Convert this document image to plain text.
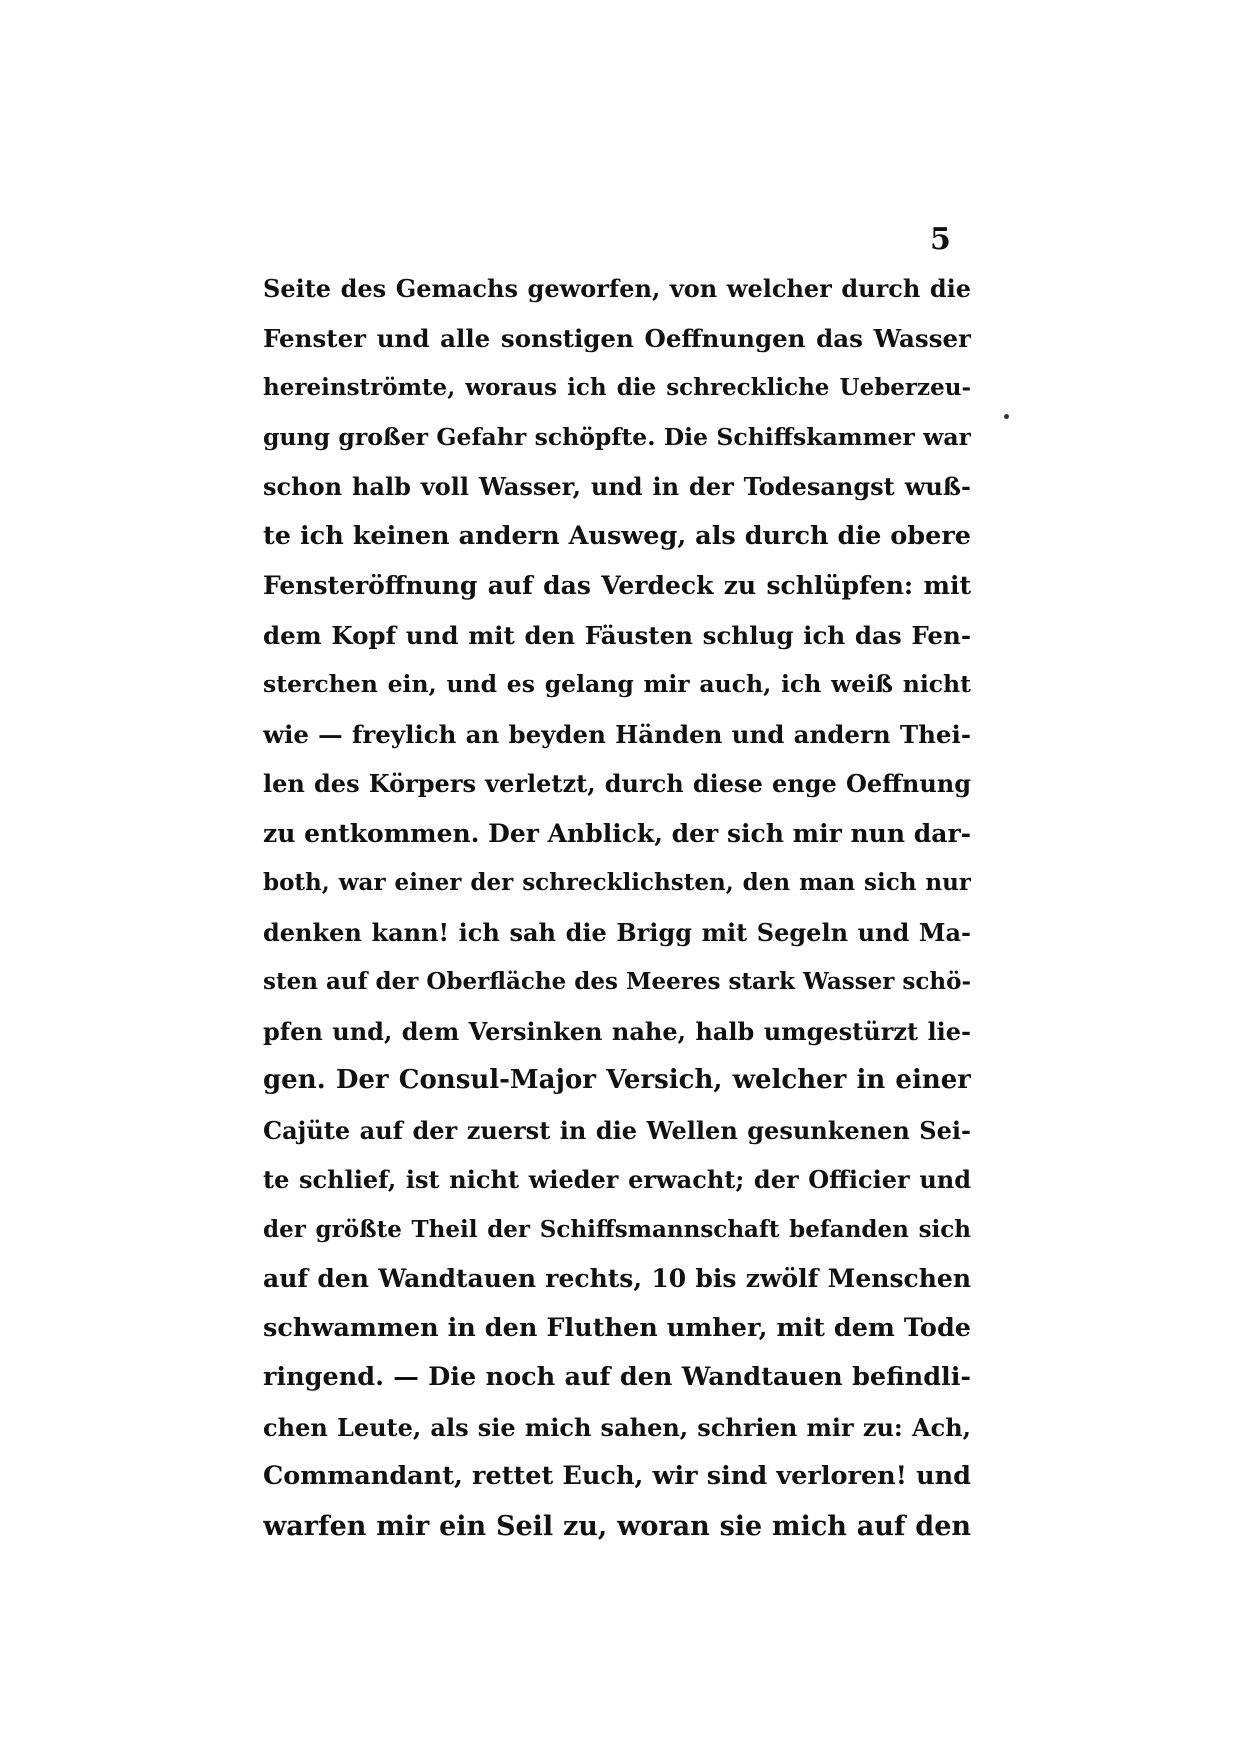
5
Seite des Gemachs geworfen, von welcher durch die
Fenster und alle sonstigen Oeffnungen das Wasser
hereinströmte, woraus ich die schreckliche Ueberzeu-
gung großer Gefahr schöpfte. Die Schiffskammer war
schon halb voll Wasser, und in der Todesangst wuß-
te ich keinen andern Ausweg, als durch die obere
Fensteröffnung auf das Verdeck zu schlüpfen: mit
dem Kopf und mit den Fäusten schlug ich das Fen-
sterchen ein, und es gelang mir auch, ich weiß nicht
wie — freylich an beyden Händen und andern Thei-
len des Körpers verletzt, durch diese enge Oeffnung
zu entkommen. Der Anblick, der sich mir nun dar-
both, war einer der schrecklichsten, den man sich nur
denken kann! ich sah die Brigg mit Segeln und Ma-
sten auf der Oberfläche des Meeres stark Wasser schö-
pfen und, dem Versinken nahe, halb umgestürzt lie-
gen. Der Consul-Major Versich, welcher in einer
Cajüte auf der zuerst in die Wellen gesunkenen Sei-
te schlief, ist nicht wieder erwacht; der Officier und
der größte Theil der Schiffsmannschaft befanden sich
auf den Wandtauen rechts, 10 bis zwölf Menschen
schwammen in den Fluthen umher, mit dem Tode
ringend. — Die noch auf den Wandtauen befindli-
chen Leute, als sie mich sahen, schrien mir zu: Ach,
Commandant, rettet Euch, wir sind verloren! und
warfen mir ein Seil zu, woran sie mich auf den
